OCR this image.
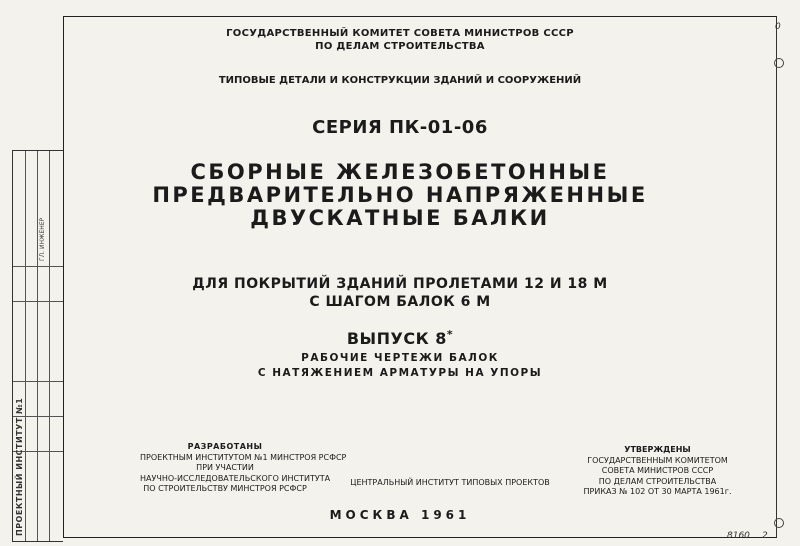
ПРОЕКТНЫЙ ИНСТИТУТ №1
ГЛ. ИНЖЕНЕР
0
8160 2
ГОСУДАРСТВЕННЫЙ КОМИТЕТ СОВЕТА МИНИСТРОВ СССР
ПО ДЕЛАМ СТРОИТЕЛЬСТВА
ТИПОВЫЕ ДЕТАЛИ И КОНСТРУКЦИИ ЗДАНИЙ И СООРУЖЕНИЙ
СЕРИЯ ПК-01-06
СБОРНЫЕ ЖЕЛЕЗОБЕТОННЫЕ
ПРЕДВАРИТЕЛЬНО НАПРЯЖЕННЫЕ
ДВУСКАТНЫЕ БАЛКИ
ДЛЯ ПОКРЫТИЙ ЗДАНИЙ ПРОЛЕТАМИ 12 И 18 М
С ШАГОМ БАЛОК 6 М
ВЫПУСК 8*
РАБОЧИЕ ЧЕРТЕЖИ БАЛОК
С НАТЯЖЕНИЕМ АРМАТУРЫ НА УПОРЫ
РАЗРАБОТАНЫ
ПРОЕКТНЫМ ИНСТИТУТОМ №1 МИНСТРОЯ РСФСР
ПРИ УЧАСТИИ
НАУЧНО-ИССЛЕДОВАТЕЛЬСКОГО ИНСТИТУТА
ПО СТРОИТЕЛЬСТВУ МИНСТРОЯ РСФСР
ЦЕНТРАЛЬНЫЙ ИНСТИТУТ ТИПОВЫХ ПРОЕКТОВ
УТВЕРЖДЕНЫ
ГОСУДАРСТВЕННЫМ КОМИТЕТОМ
СОВЕТА МИНИСТРОВ СССР
ПО ДЕЛАМ СТРОИТЕЛЬСТВА
ПРИКАЗ № 102 ОТ 30 МАРТА 1961г.
МОСКВА 1961
